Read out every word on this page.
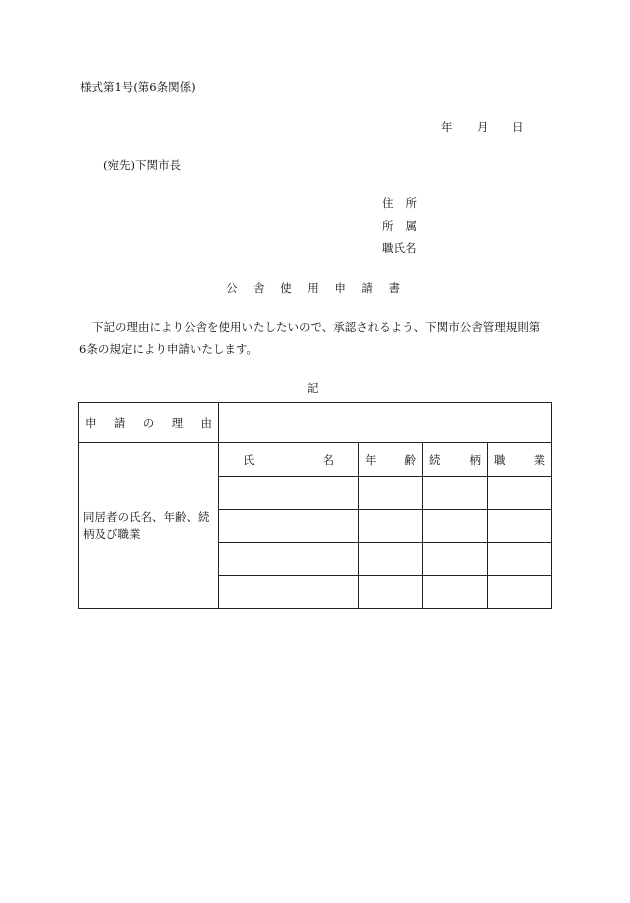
様式第1号(第6条関係)
年 月 日
(宛先)下関市長
住 所
所 属
職氏名
公 舎 使 用 申 請 書
下記の理由により公舎を使用いたしたいので、承認されるよう、下関市公舎管理規則第
6条の規定により申請いたします。
記
申 請 の 理 由				

同居者の氏名、年齢、続柄及び職業	氏 名	年 齢	続 柄	職 業
